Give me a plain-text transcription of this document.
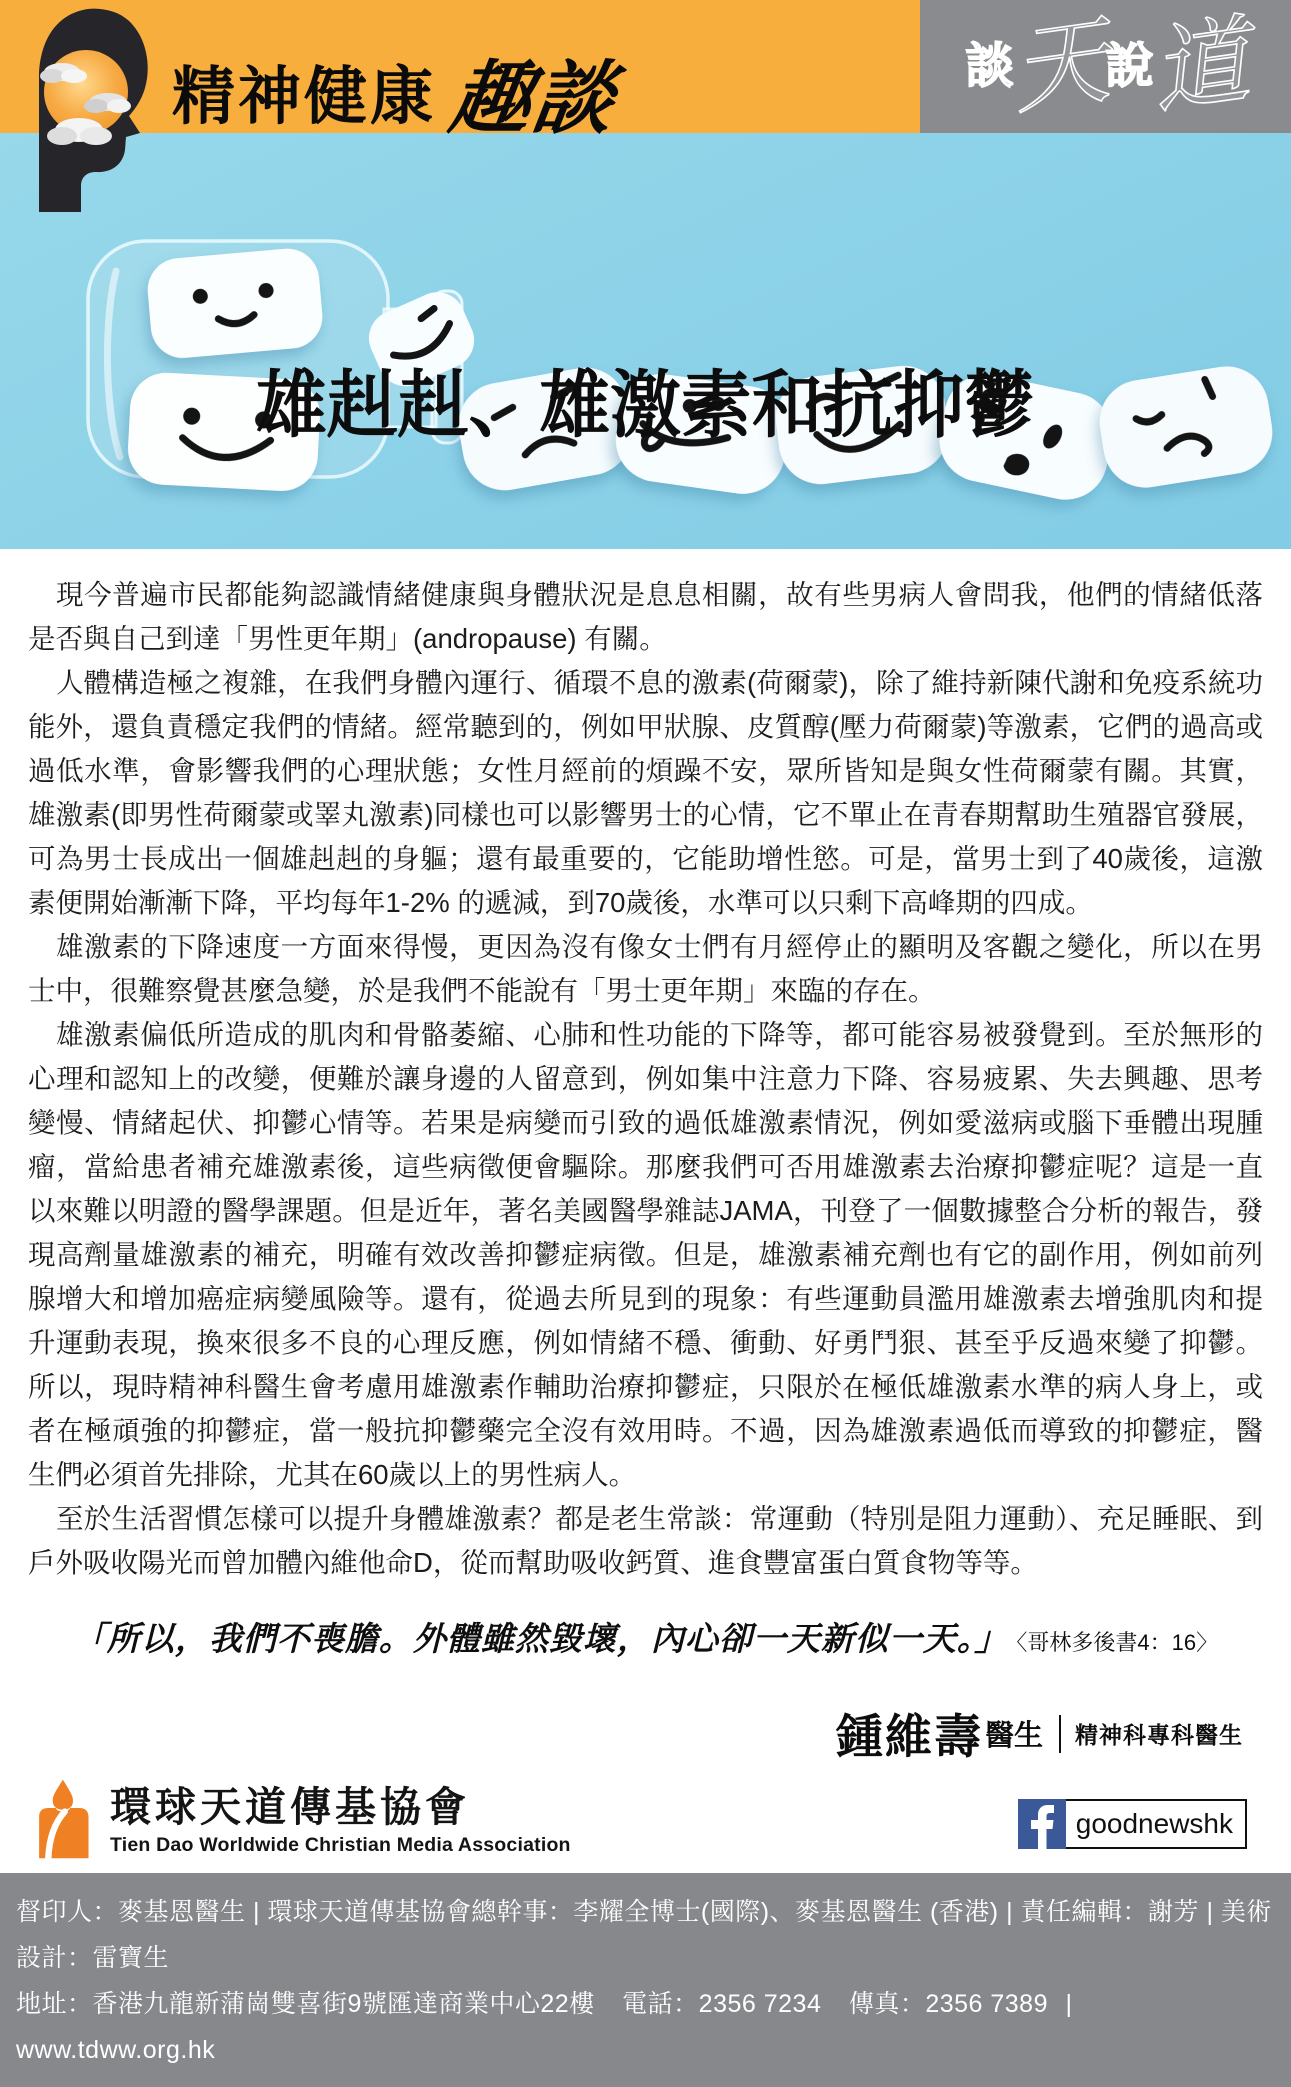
精神健康 趣談	談
天
說
道
雄赳赳、雄激素和抗抑鬱

現今普遍市民都能夠認識情緒健康與身體狀況是息息相關，故有些男病人會問我，他們的情緒低落是否與自己到達「男性更年期」(andropause) 有關。

人體構造極之複雜，在我們身體內運行、循環不息的激素(荷爾蒙)，除了維持新陳代謝和免疫系統功能外，還負責穩定我們的情緒。經常聽到的，例如甲狀腺、皮質醇(壓力荷爾蒙)等激素，它們的過高或過低水準，會影響我們的心理狀態；女性月經前的煩躁不安，眾所皆知是與女性荷爾蒙有關。其實，雄激素(即男性荷爾蒙或睪丸激素)同樣也可以影響男士的心情，它不單止在青春期幫助生殖器官發展，可為男士長成出一個雄赳赳的身軀；還有最重要的，它能助增性慾。可是，當男士到了40歲後，這激素便開始漸漸下降，平均每年1-2% 的遞減，到70歲後，水準可以只剩下高峰期的四成。

雄激素的下降速度一方面來得慢，更因為沒有像女士們有月經停止的顯明及客觀之變化，所以在男士中，很難察覺甚麼急變，於是我們不能說有「男士更年期」來臨的存在。

雄激素偏低所造成的肌肉和骨骼萎縮、心肺和性功能的下降等，都可能容易被發覺到。至於無形的心理和認知上的改變，便難於讓身邊的人留意到，例如集中注意力下降、容易疲累、失去興趣、思考變慢、情緒起伏、抑鬱心情等。若果是病變而引致的過低雄激素情況，例如愛滋病或腦下垂體出現腫瘤，當給患者補充雄激素後，這些病徵便會驅除。那麼我們可否用雄激素去治療抑鬱症呢？這是一直以來難以明證的醫學課題。但是近年，著名美國醫學雜誌JAMA，刊登了一個數據整合分析的報告，發現高劑量雄激素的補充，明確有效改善抑鬱症病徵。但是，雄激素補充劑也有它的副作用，例如前列腺增大和增加癌症病變風險等。還有，從過去所見到的現象：有些運動員濫用雄激素去增強肌肉和提升運動表現，換來很多不良的心理反應，例如情緒不穩、衝動、好勇鬥狠、甚至乎反過來變了抑鬱。所以，現時精神科醫生會考慮用雄激素作輔助治療抑鬱症，只限於在極低雄激素水準的病人身上，或者在極頑強的抑鬱症，當一般抗抑鬱藥完全沒有效用時。不過，因為雄激素過低而導致的抑鬱症，醫生們必須首先排除，尤其在60歲以上的男性病人。

至於生活習慣怎樣可以提升身體雄激素？都是老生常談：常運動（特別是阻力運動）、充足睡眠、到戶外吸收陽光而曾加體內維他命D，從而幫助吸收鈣質、進食豐富蛋白質食物等等。

「所以，我們不喪膽。外體雖然毀壞，內心卻一天新似一天。」 〈哥林多後書4：16〉
鍾維壽 醫生 精神科專科醫生
環球天道傳基協會
Tien Dao Worldwide Christian Media Association
goodnewshk
督印人：麥基恩醫生 | 環球天道傳基協會總幹事：李耀全博士(國際)、麥基恩醫生 (香港) | 責任編輯：謝芳 | 美術設計：雷寶生
地址：香港九龍新蒲崗雙喜街9號匯達商業中心22樓 電話：2356 7234 傳真：2356 7389 | www.tdww.org.hk
